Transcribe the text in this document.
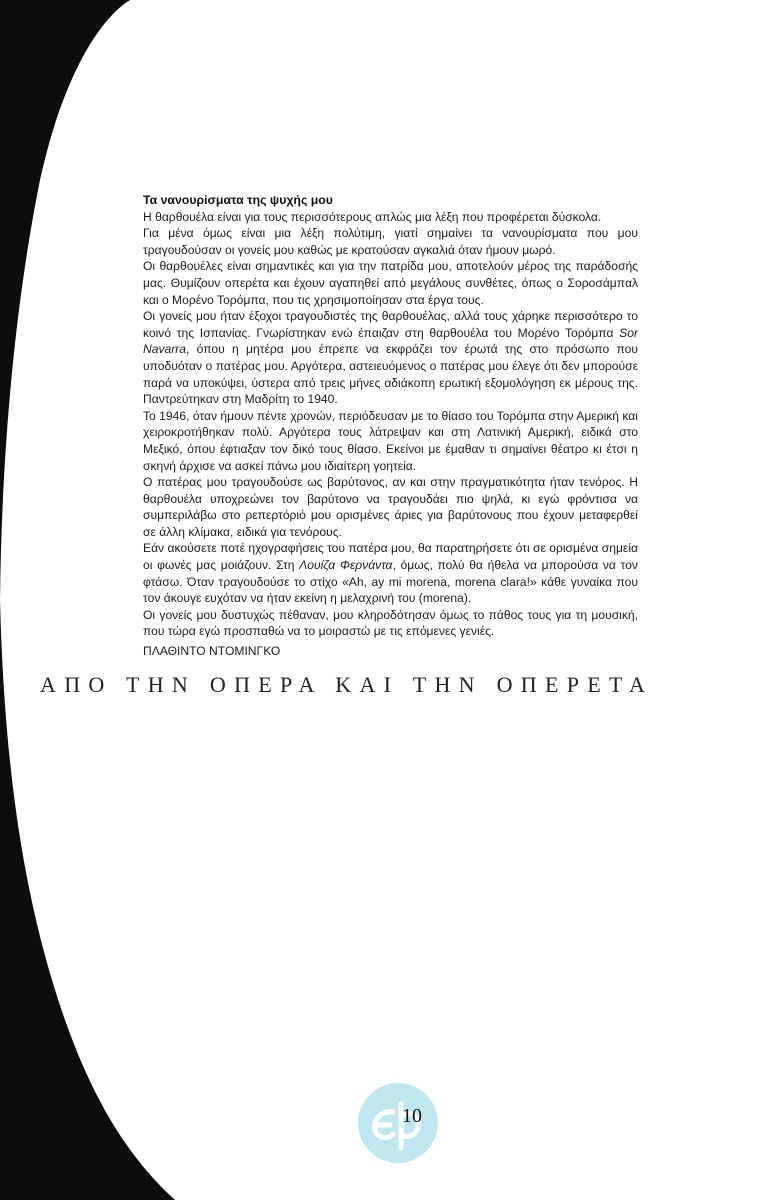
Τα νανουρίσματα της ψυχής μου

Η θαρθουέλα είναι για τους περισσότερους απλώς μια λέξη που προφέρεται δύσκολα.

Για μένα όμως είναι μια λέξη πολύτιμη, γιατί σημαίνει τα νανουρίσματα που μου τραγουδούσαν οι γονείς μου καθώς με κρατούσαν αγκαλιά όταν ήμουν μωρό.

Οι θαρθουέλες είναι σημαντικές και για την πατρίδα μου, αποτελούν μέρος της παράδοσής μας. Θυμίζουν οπερέτα και έχουν αγαπηθεί από μεγάλους συνθέτες, όπως ο Σοροσάμπαλ και ο Μορένο Τορόμπα, που τις χρησιμοποίησαν στα έργα τους.

Οι γονείς μου ήταν έξοχοι τραγουδιστές της θαρθουέλας, αλλά τους χάρηκε περισσότερο το κοινό της Ισπανίας. Γνωρίστηκαν ενώ έπαιζαν στη θαρθουέλα του Μορένο Τορόμπα Sor Navarra, όπου η μητέρα μου έπρεπε να εκφράζει τον έρωτά της στο πρόσωπο που υποδυόταν ο πατέρας μου. Αργότερα, αστειευόμενος ο πατέρας μου έλεγε ότι δεν μπορούσε παρά να υποκύψει, ύστερα από τρεις μήνες αδιάκοπη ερωτική εξομολόγηση εκ μέρους της. Παντρεύτηκαν στη Μαδρίτη το 1940.

Το 1946, όταν ήμουν πέντε χρονών, περιόδευσαν με το θίασο του Τορόμπα στην Αμερική και χειροκροτήθηκαν πολύ. Αργότερα τους λάτρεψαν και στη Λατινική Αμερική, ειδικά στο Μεξικό, όπου έφτιαξαν τον δικό τους θίασο. Εκείνοι με έμαθαν τι σημαίνει θέατρο κι έτσι η σκηνή άρχισε να ασκεί πάνω μου ιδιαίτερη γοητεία.

Ο πατέρας μου τραγουδούσε ως βαρύτονος, αν και στην πραγματικότητα ήταν τενόρος. Η θαρθουέλα υποχρεώνει τον βαρύτονο να τραγουδάει πιο ψηλά, κι εγώ φρόντισα να συμπεριλάβω στο ρεπερτόριό μου ορισμένες άριες για βαρύτονους που έχουν μεταφερθεί σε άλλη κλίμακα, ειδικά για τενόρους.

Εάν ακούσετε ποτέ ηχογραφήσεις του πατέρα μου, θα παρατηρήσετε ότι σε ορισμένα σημεία οι φωνές μας μοιάζουν. Στη Λουίζα Φερνάντα, όμως, πολύ θα ήθελα να μπορούσα να τον φτάσω. Όταν τραγουδούσε το στίχο «Ah, ay mi morena, morena clara!» κάθε γυναίκα που τον άκουγε ευχόταν να ήταν εκείνη η μελαχρινή του (morena).

Οι γονείς μου δυστυχώς πέθαναν, μου κληροδότησαν όμως το πάθος τους για τη μουσική, που τώρα εγώ προσπαθώ να το μοιραστώ με τις επόμενες γενιές.

ΠΛΑΘΙΝΤΟ ΝΤΟΜΙΝΓΚΟ

ΑΠΟ ΤΗΝ ΟΠΕΡΑ ΚΑΙ ΤΗΝ ΟΠΕΡΕΤΑ
10
